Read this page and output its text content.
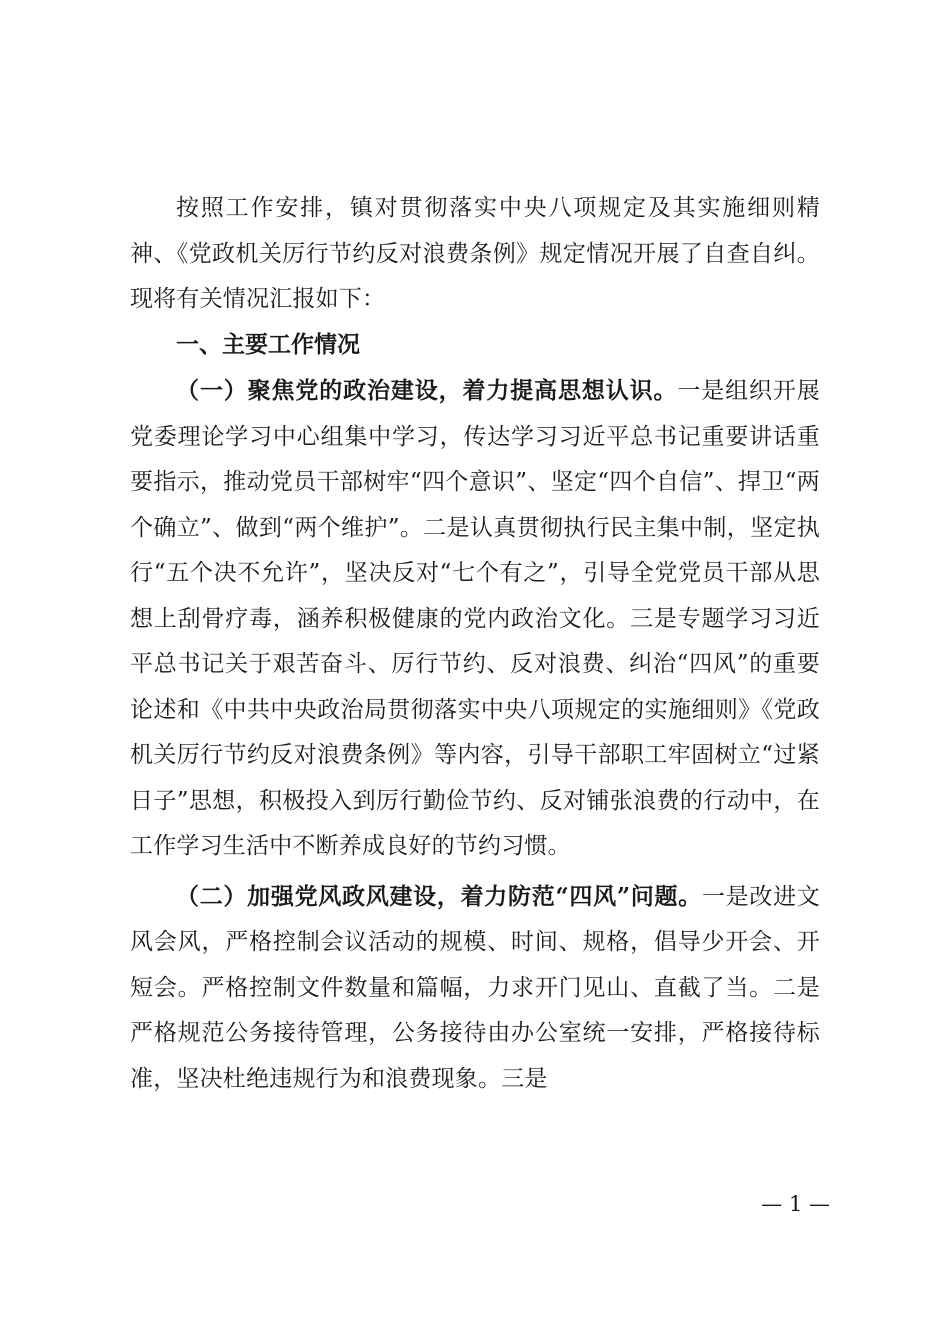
按照工作安排，镇对贯彻落实中央八项规定及其实施细则精神、《党政机关厉行节约反对浪费条例》规定情况开展了自查自纠。现将有关情况汇报如下：

一、主要工作情况

（一）聚焦党的政治建设，着力提高思想认识。一是组织开展党委理论学习中心组集中学习，传达学习习近平总书记重要讲话重要指示，推动党员干部树牢“四个意识”、坚定“四个自信”、捍卫“两个确立”、做到“两个维护”。二是认真贯彻执行民主集中制，坚定执行“五个决不允许”，坚决反对“七个有之”，引导全党党员干部从思想上刮骨疗毒，涵养积极健康的党内政治文化。三是专题学习习近平总书记关于艰苦奋斗、厉行节约、反对浪费、纠治“四风”的重要论述和《中共中央政治局贯彻落实中央八项规定的实施细则》《党政机关厉行节约反对浪费条例》等内容，引导干部职工牢固树立“过紧日子”思想，积极投入到厉行勤俭节约、反对铺张浪费的行动中，在工作学习生活中不断养成良好的节约习惯。

（二）加强党风政风建设，着力防范“四风”问题。一是改进文风会风，严格控制会议活动的规模、时间、规格，倡导少开会、开短会。严格控制文件数量和篇幅，力求开门见山、直截了当。二是严格规范公务接待管理，公务接待由办公室统一安排，严格接待标准，坚决杜绝违规行为和浪费现象。三是

— 1 —
